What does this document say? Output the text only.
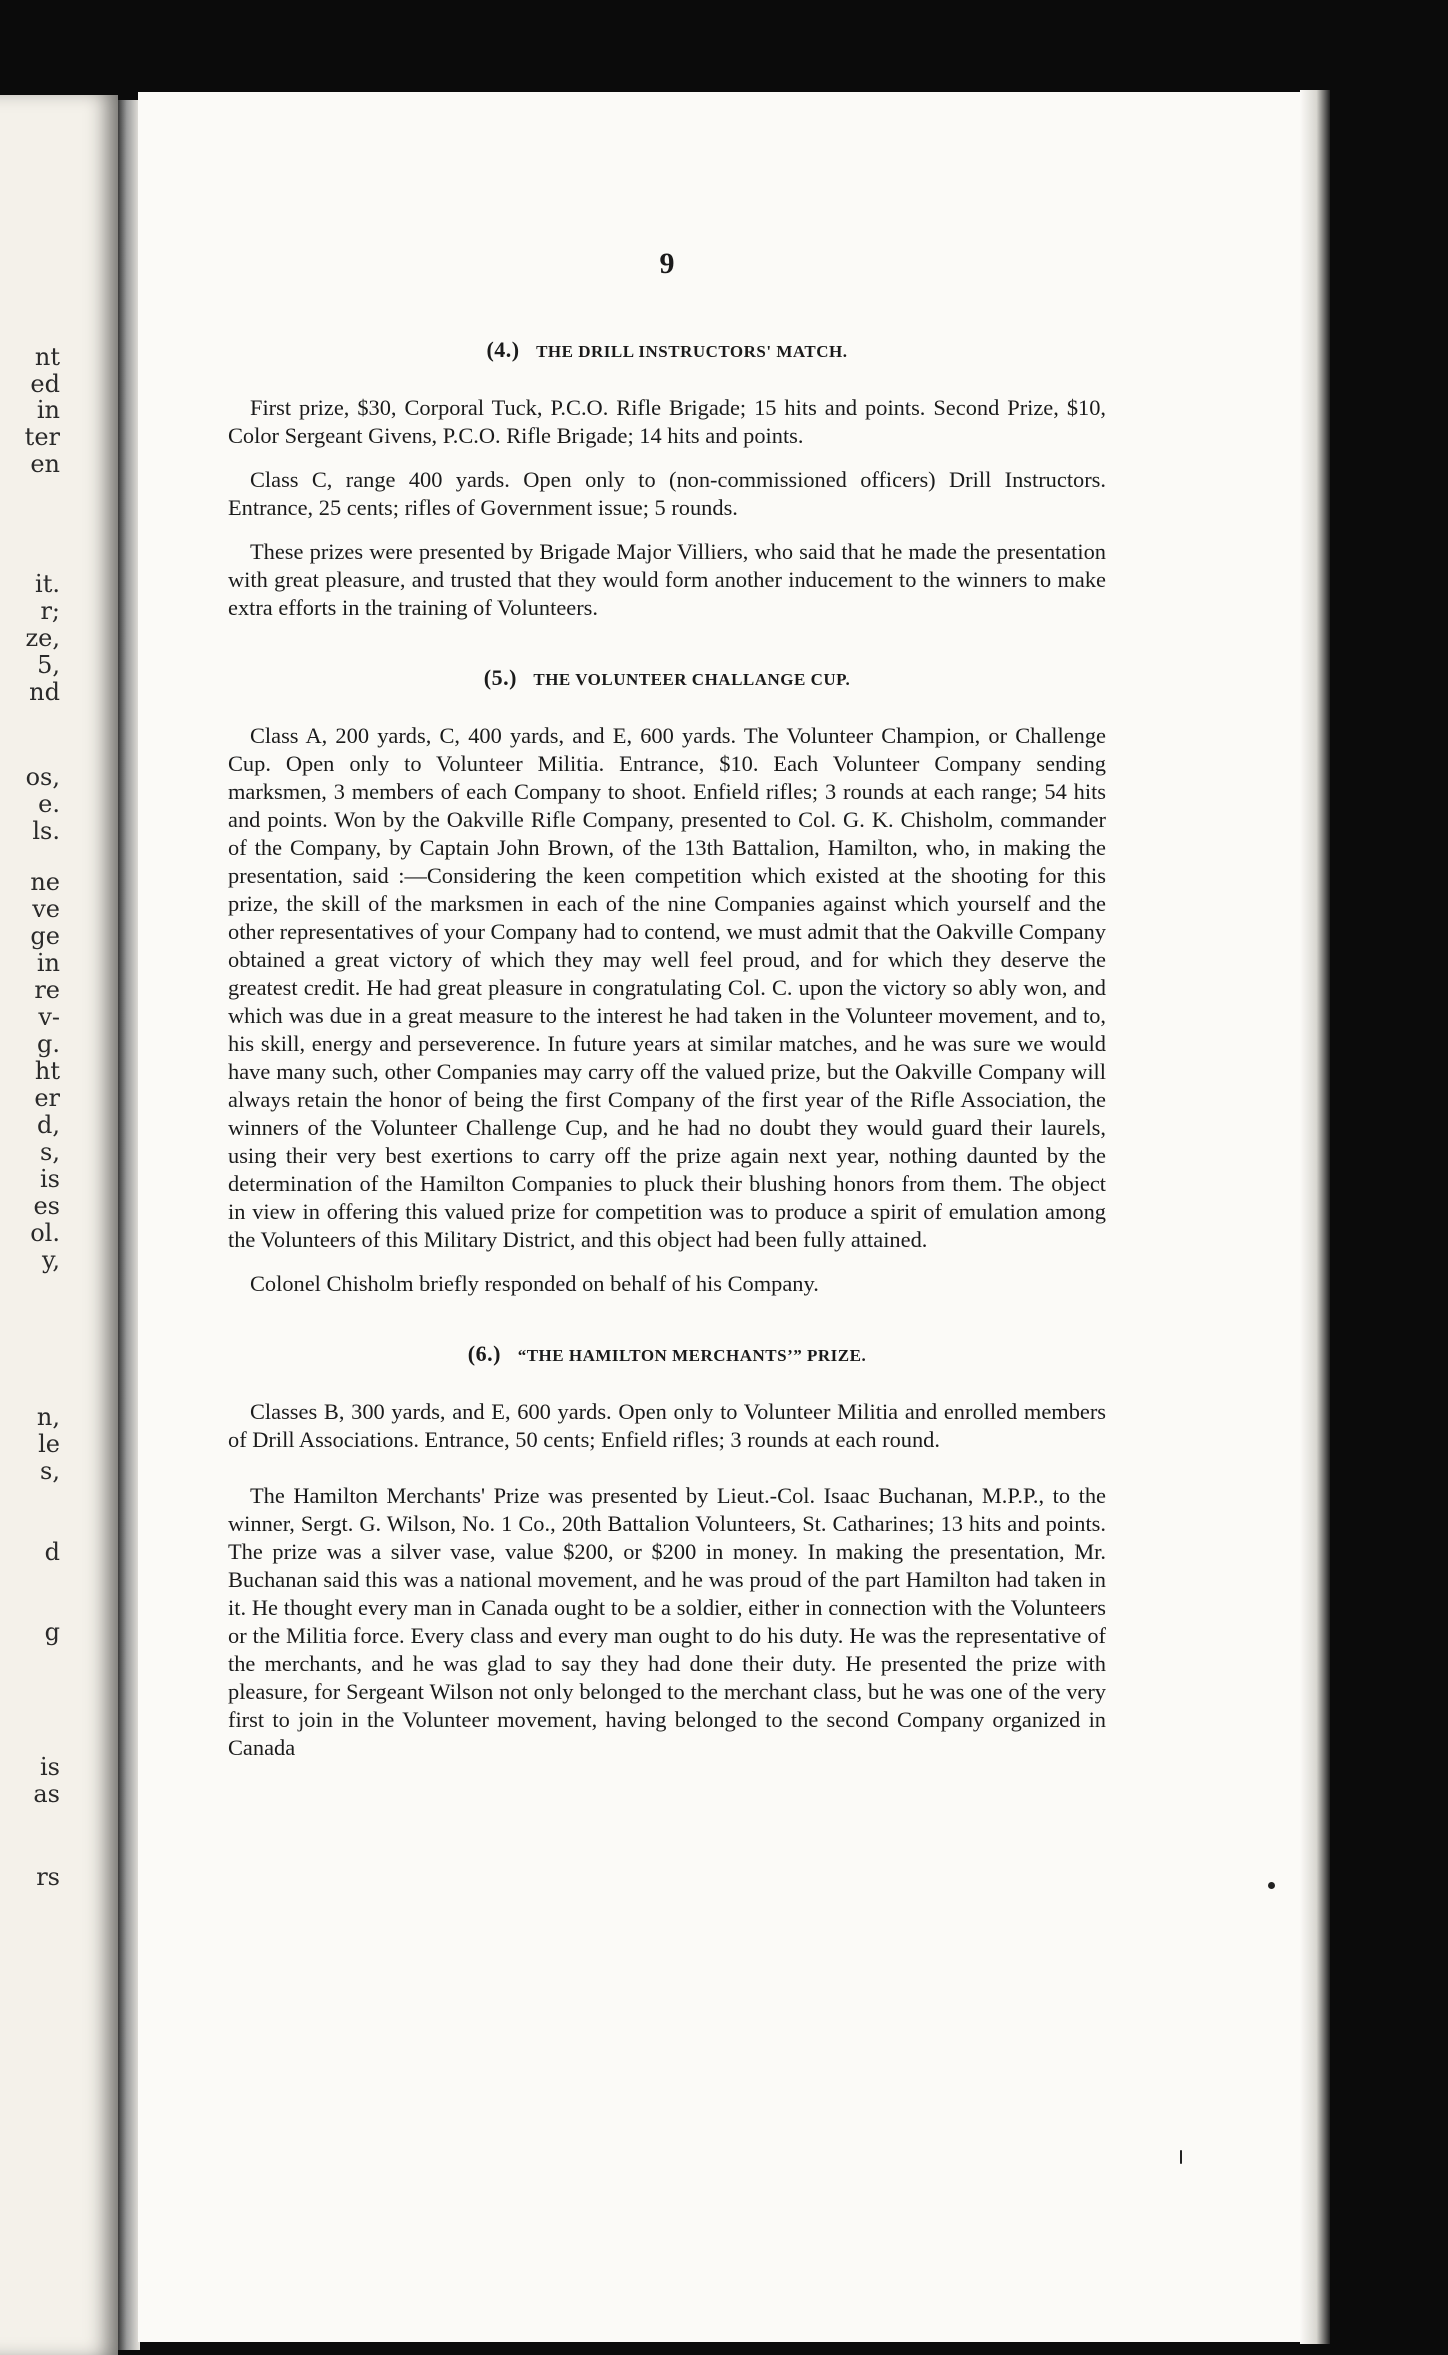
nt
ed
in
ter
en
it.
r;
ze,
5,
nd
os,
e.
ls.
ne
ve
ge
in
re
v-
g.
ht
er
d,
s,
is
es
ol.
y,
n,
le
s,
d
g
is
as
rs
9
(4.) THE DRILL INSTRUCTORS' MATCH.

First prize, $30, Corporal Tuck, P.C.O. Rifle Brigade; 15 hits and points. Second Prize, $10, Color Sergeant Givens, P.C.O. Rifle Brigade; 14 hits and points.

Class C, range 400 yards. Open only to (non-commissioned officers) Drill Instructors. Entrance, 25 cents; rifles of Government issue; 5 rounds.

These prizes were presented by Brigade Major Villiers, who said that he made the presentation with great pleasure, and trusted that they would form another inducement to the winners to make extra efforts in the training of Volunteers.

(5.) THE VOLUNTEER CHALLANGE CUP.

Class A, 200 yards, C, 400 yards, and E, 600 yards. The Volunteer Champion, or Challenge Cup. Open only to Volunteer Militia. Entrance, $10. Each Volunteer Company sending marksmen, 3 members of each Company to shoot. Enfield rifles; 3 rounds at each range; 54 hits and points. Won by the Oakville Rifle Company, presented to Col. G. K. Chisholm, commander of the Company, by Captain John Brown, of the 13th Battalion, Hamilton, who, in making the presentation, said :—Considering the keen competition which existed at the shooting for this prize, the skill of the marksmen in each of the nine Companies against which yourself and the other representatives of your Company had to contend, we must admit that the Oakville Company obtained a great victory of which they may well feel proud, and for which they deserve the greatest credit. He had great pleasure in congratulating Col. C. upon the victory so ably won, and which was due in a great measure to the interest he had taken in the Volunteer movement, and to, his skill, energy and perseverence. In future years at similar matches, and he was sure we would have many such, other Companies may carry off the valued prize, but the Oakville Company will always retain the honor of being the first Company of the first year of the Rifle Association, the winners of the Volunteer Challenge Cup, and he had no doubt they would guard their laurels, using their very best exertions to carry off the prize again next year, nothing daunted by the determination of the Hamilton Companies to pluck their blushing honors from them. The object in view in offering this valued prize for competition was to produce a spirit of emulation among the Volunteers of this Military District, and this object had been fully attained.

Colonel Chisholm briefly responded on behalf of his Company.

(6.) “THE HAMILTON MERCHANTS’” PRIZE.

Classes B, 300 yards, and E, 600 yards. Open only to Volunteer Militia and enrolled members of Drill Associations. Entrance, 50 cents; Enfield rifles; 3 rounds at each round.

The Hamilton Merchants' Prize was presented by Lieut.-Col. Isaac Buchanan, M.P.P., to the winner, Sergt. G. Wilson, No. 1 Co., 20th Battalion Volunteers, St. Catharines; 13 hits and points. The prize was a silver vase, value $200, or $200 in money. In making the presentation, Mr. Buchanan said this was a national movement, and he was proud of the part Hamilton had taken in it. He thought every man in Canada ought to be a soldier, either in connection with the Volunteers or the Militia force. Every class and every man ought to do his duty. He was the representative of the merchants, and he was glad to say they had done their duty. He presented the prize with pleasure, for Sergeant Wilson not only belonged to the merchant class, but he was one of the very first to join in the Volunteer movement, having belonged to the second Company organized in Canada
